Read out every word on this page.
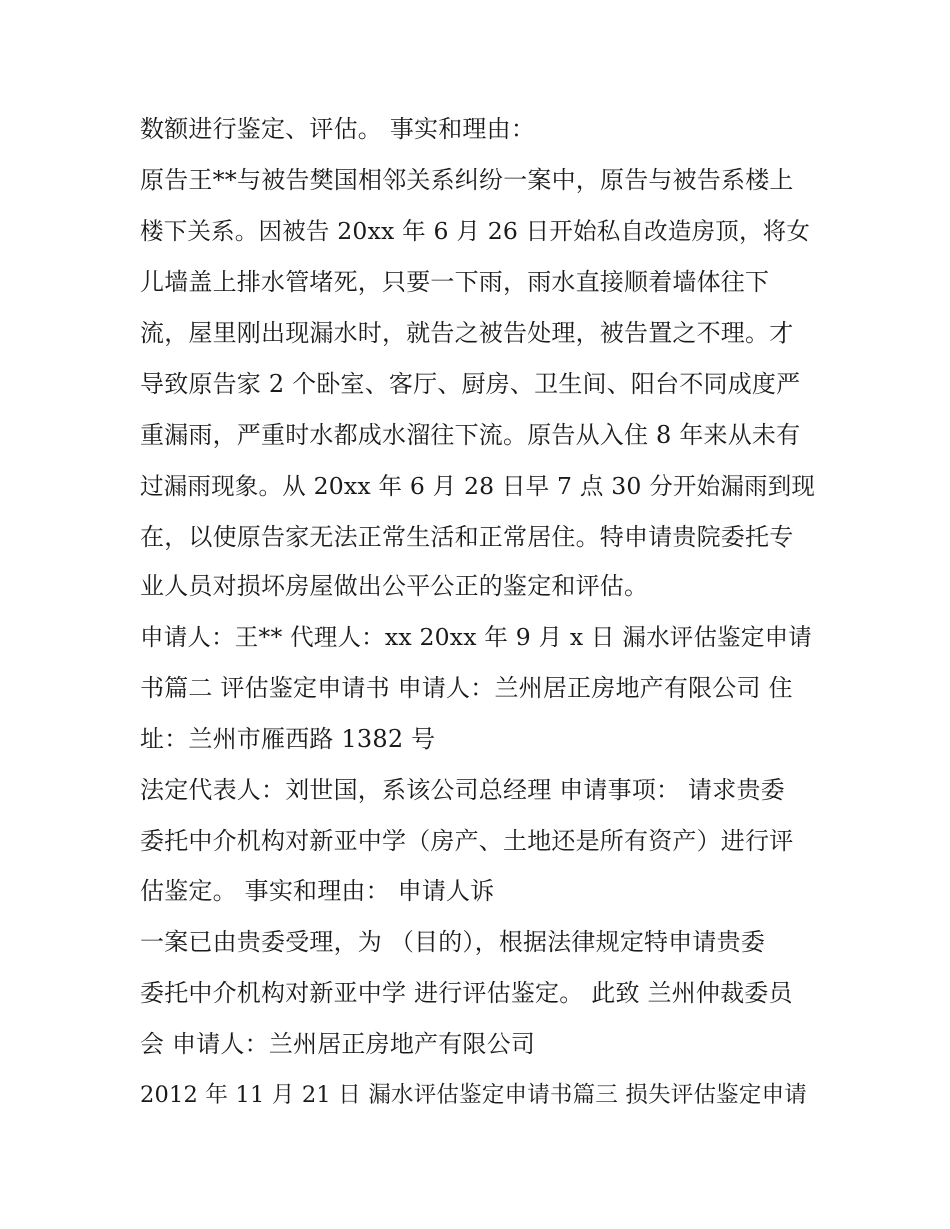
数额进行鉴定、评估。 事实和理由：
原告王**与被告樊国相邻关系纠纷一案中，原告与被告系楼上
楼下关系。因被告 20xx 年 6 月 26 日开始私自改造房顶，将女
儿墙盖上排水管堵死，只要一下雨，雨水直接顺着墙体往下
流，屋里刚出现漏水时，就告之被告处理，被告置之不理。才
导致原告家 2 个卧室、客厅、厨房、卫生间、阳台不同成度严
重漏雨，严重时水都成水溜往下流。原告从入住 8 年来从未有
过漏雨现象。从 20xx 年 6 月 28 日早 7 点 30 分开始漏雨到现
在，以使原告家无法正常生活和正常居住。特申请贵院委托专
业人员对损坏房屋做出公平公正的鉴定和评估。
申请人：王** 代理人：xx 20xx 年 9 月 x 日 漏水评估鉴定申请
书篇二 评估鉴定申请书 申请人：兰州居正房地产有限公司 住
址：兰州市雁西路 1382 号
法定代表人：刘世国，系该公司总经理 申请事项： 请求贵委
委托中介机构对新亚中学（房产、土地还是所有资产）进行评
估鉴定。 事实和理由： 申请人诉
一案已由贵委受理，为 （目的），根据法律规定特申请贵委
委托中介机构对新亚中学 进行评估鉴定。 此致 兰州仲裁委员
会 申请人：兰州居正房地产有限公司
2012 年 11 月 21 日 漏水评估鉴定申请书篇三 损失评估鉴定申请
